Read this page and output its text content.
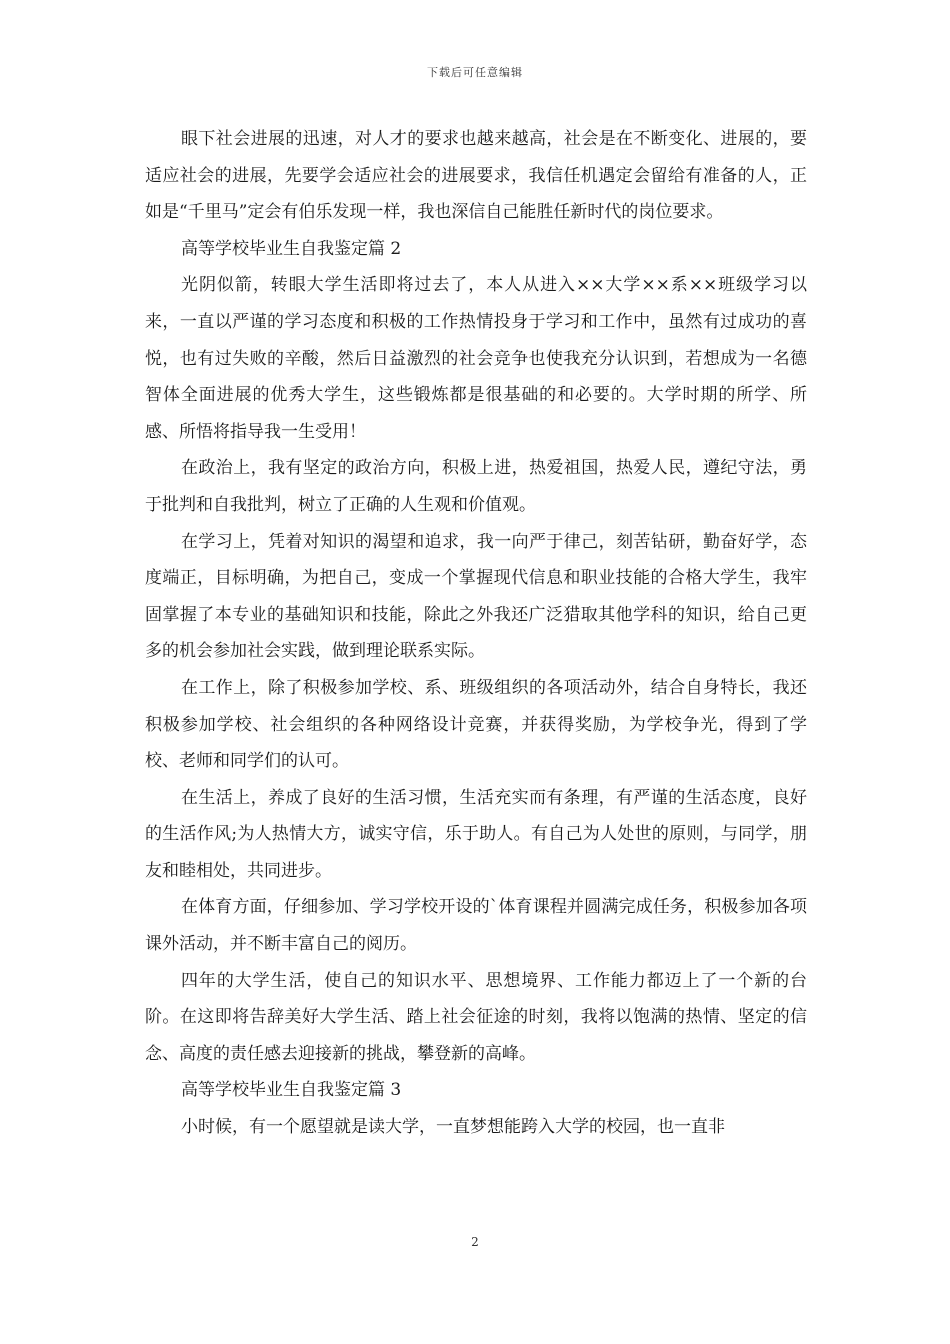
下载后可任意编辑

眼下社会进展的迅速，对人才的要求也越来越高，社会是在不断变化、进展的，要适应社会的进展，先要学会适应社会的进展要求，我信任机遇定会留给有准备的人，正如是“千里马”定会有伯乐发现一样，我也深信自己能胜任新时代的岗位要求。

高等学校毕业生自我鉴定篇 2

光阴似箭，转眼大学生活即将过去了，本人从进入××大学××系××班级学习以来，一直以严谨的学习态度和积极的工作热情投身于学习和工作中，虽然有过成功的喜悦，也有过失败的辛酸，然后日益激烈的社会竞争也使我充分认识到，若想成为一名德智体全面进展的优秀大学生，这些锻炼都是很基础的和必要的。大学时期的所学、所感、所悟将指导我一生受用！

在政治上，我有坚定的政治方向，积极上进，热爱祖国，热爱人民，遵纪守法，勇于批判和自我批判，树立了正确的人生观和价值观。

在学习上，凭着对知识的渴望和追求，我一向严于律己，刻苦钻研，勤奋好学，态度端正，目标明确，为把自己，变成一个掌握现代信息和职业技能的合格大学生，我牢固掌握了本专业的基础知识和技能，除此之外我还广泛猎取其他学科的知识，给自己更多的机会参加社会实践，做到理论联系实际。

在工作上，除了积极参加学校、系、班级组织的各项活动外，结合自身特长，我还积极参加学校、社会组织的各种网络设计竞赛，并获得奖励，为学校争光，得到了学校、老师和同学们的认可。

在生活上，养成了良好的生活习惯，生活充实而有条理，有严谨的生活态度，良好的生活作风;为人热情大方，诚实守信，乐于助人。有自己为人处世的原则，与同学，朋友和睦相处，共同进步。

在体育方面，仔细参加、学习学校开设的`体育课程并圆满完成任务，积极参加各项课外活动，并不断丰富自己的阅历。

四年的大学生活，使自己的知识水平、思想境界、工作能力都迈上了一个新的台阶。在这即将告辞美好大学生活、踏上社会征途的时刻，我将以饱满的热情、坚定的信念、高度的责任感去迎接新的挑战，攀登新的高峰。

高等学校毕业生自我鉴定篇 3

小时候，有一个愿望就是读大学，一直梦想能跨入大学的校园，也一直非

2
